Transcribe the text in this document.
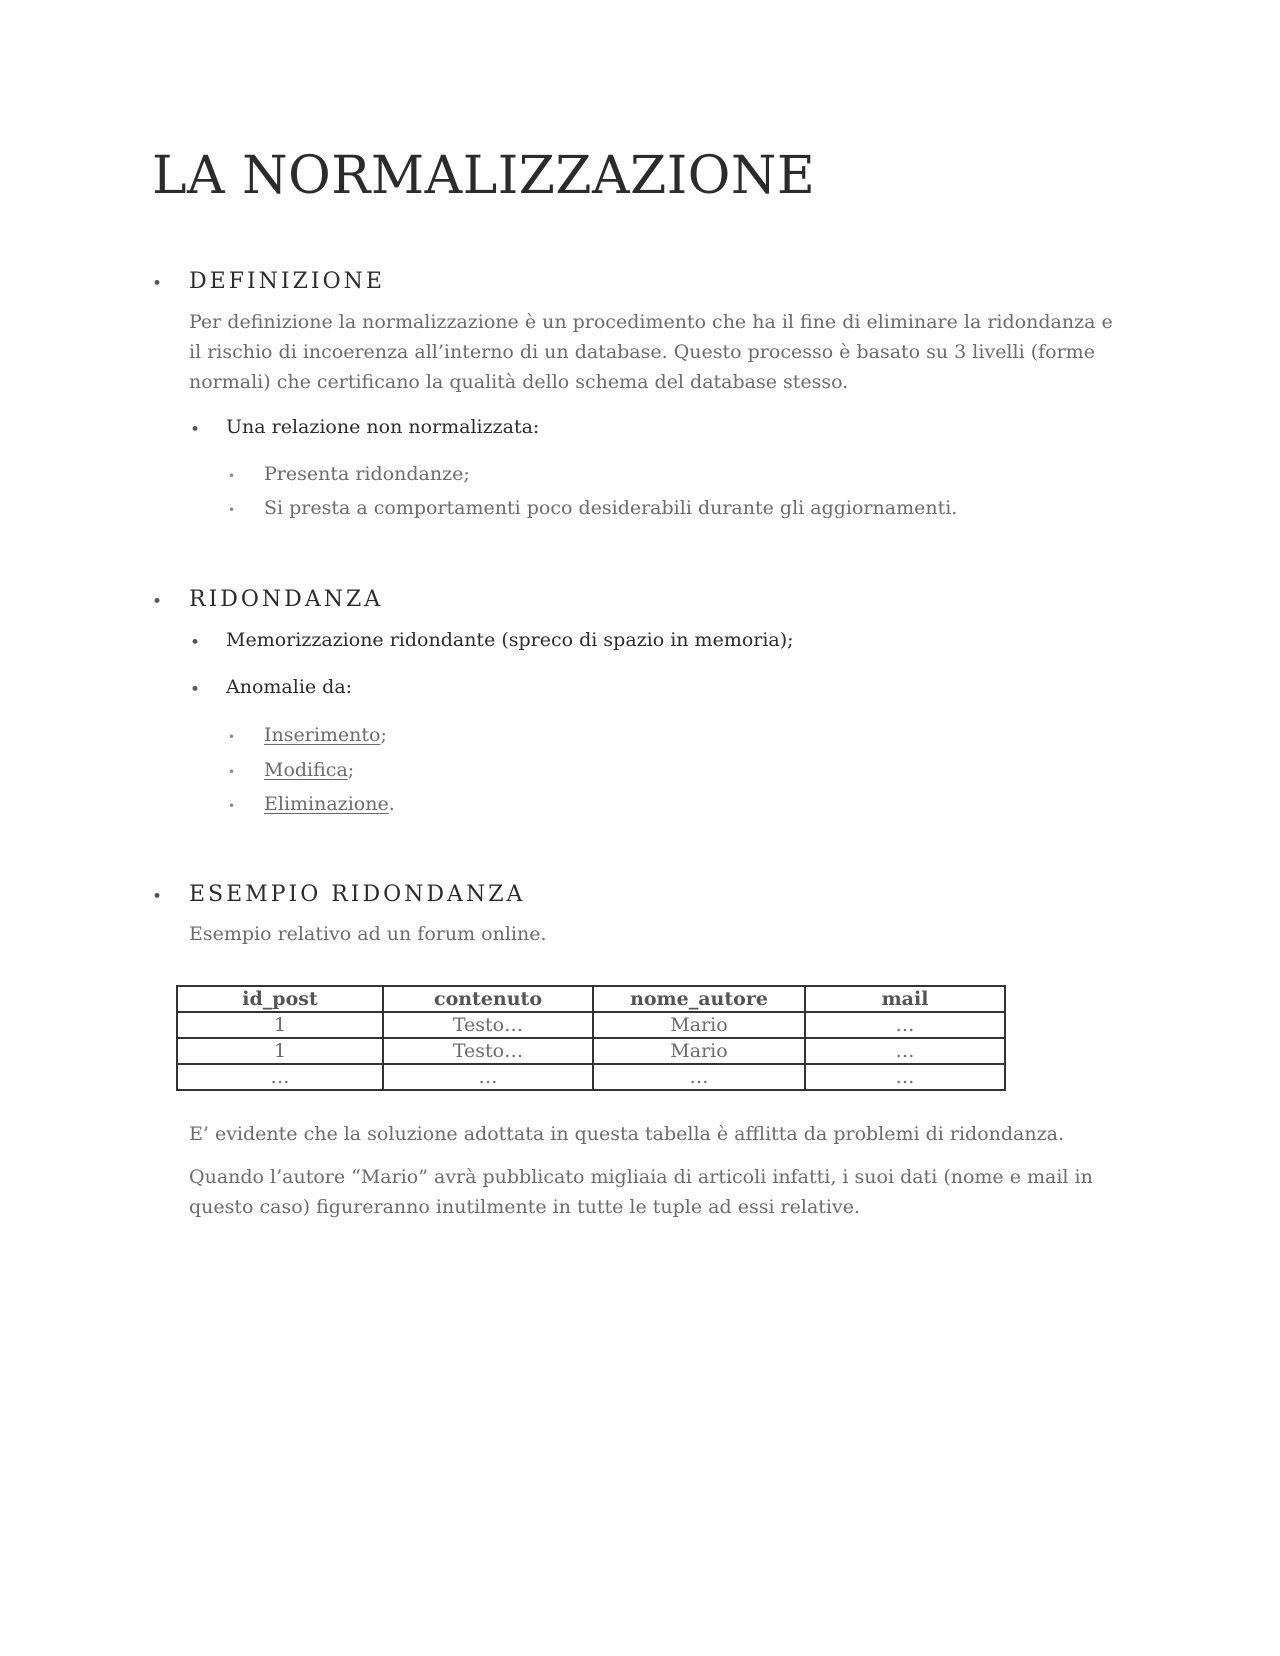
LA NORMALIZZAZIONE
• DEFINIZIONE
Per definizione la normalizzazione è un procedimento che ha il fine di eliminare la ridondanza e
il rischio di incoerenza all’interno di un database. Questo processo è basato su 3 livelli (forme
normali) che certificano la qualità dello schema del database stesso.
• Una relazione non normalizzata:
• Presenta ridondanze;
• Si presta a comportamenti poco desiderabili durante gli aggiornamenti.
• RIDONDANZA
• Memorizzazione ridondante (spreco di spazio in memoria);
• Anomalie da:
• Inserimento;
• Modifica;
• Eliminazione.
• ESEMPIO RIDONDANZA
Esempio relativo ad un forum online.
id_post	contenuto	nome_autore	mail
1	Testo…	Mario	…
1	Testo…	Mario	…
…	…	…	…
E’ evidente che la soluzione adottata in questa tabella è afflitta da problemi di ridondanza.
Quando l’autore “Mario” avrà pubblicato migliaia di articoli infatti, i suoi dati (nome e mail in
questo caso) figureranno inutilmente in tutte le tuple ad essi relative.
